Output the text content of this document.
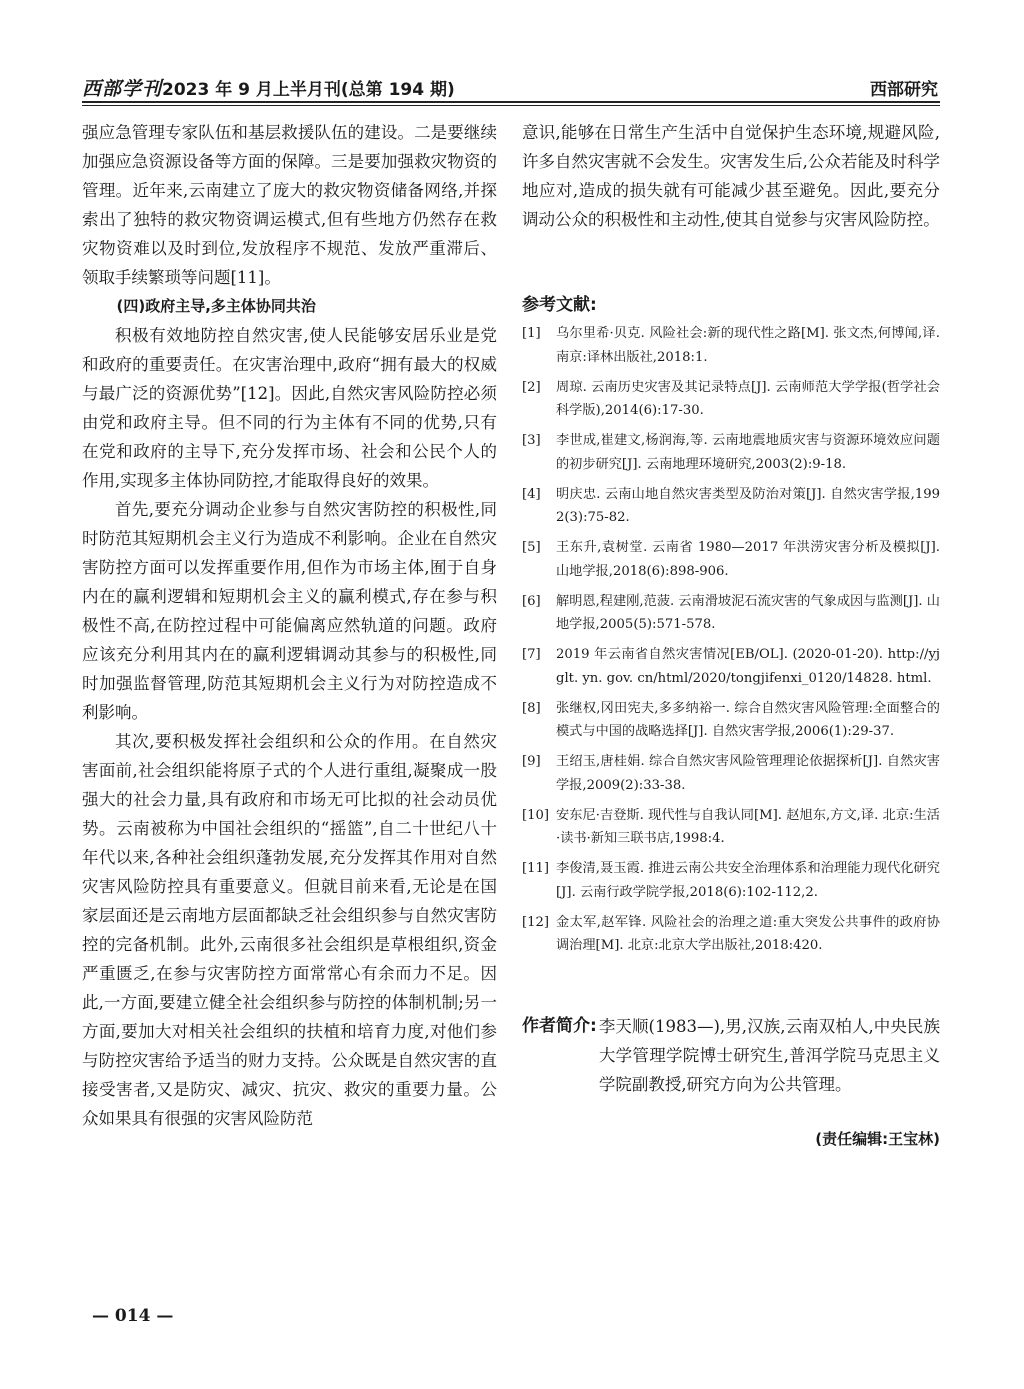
西部学刊 2023 年 9 月上半月刊(总第 194 期)	西部研究

强应急管理专家队伍和基层救援队伍的建设。二是要继续加强应急资源设备等方面的保障。三是要加强救灾物资的管理。近年来,云南建立了庞大的救灾物资储备网络,并探索出了独特的救灾物资调运模式,但有些地方仍然存在救灾物资难以及时到位,发放程序不规范、发放严重滞后、领取手续繁琐等问题[11]。

(四)政府主导,多主体协同共治

积极有效地防控自然灾害,使人民能够安居乐业是党和政府的重要责任。在灾害治理中,政府“拥有最大的权威与最广泛的资源优势”[12]。因此,自然灾害风险防控必须由党和政府主导。但不同的行为主体有不同的优势,只有在党和政府的主导下,充分发挥市场、社会和公民个人的作用,实现多主体协同防控,才能取得良好的效果。

首先,要充分调动企业参与自然灾害防控的积极性,同时防范其短期机会主义行为造成不利影响。企业在自然灾害防控方面可以发挥重要作用,但作为市场主体,囿于自身内在的赢利逻辑和短期机会主义的赢利模式,存在参与积极性不高,在防控过程中可能偏离应然轨道的问题。政府应该充分利用其内在的赢利逻辑调动其参与的积极性,同时加强监督管理,防范其短期机会主义行为对防控造成不利影响。

其次,要积极发挥社会组织和公众的作用。在自然灾害面前,社会组织能将原子式的个人进行重组,凝聚成一股强大的社会力量,具有政府和市场无可比拟的社会动员优势。云南被称为中国社会组织的“摇篮”,自二十世纪八十年代以来,各种社会组织蓬勃发展,充分发挥其作用对自然灾害风险防控具有重要意义。但就目前来看,无论是在国家层面还是云南地方层面都缺乏社会组织参与自然灾害防控的完备机制。此外,云南很多社会组织是草根组织,资金严重匮乏,在参与灾害防控方面常常心有余而力不足。因此,一方面,要建立健全社会组织参与防控的体制机制;另一方面,要加大对相关社会组织的扶植和培育力度,对他们参与防控灾害给予适当的财力支持。公众既是自然灾害的直接受害者,又是防灾、减灾、抗灾、救灾的重要力量。公众如果具有很强的灾害风险防范

意识,能够在日常生产生活中自觉保护生态环境,规避风险,许多自然灾害就不会发生。灾害发生后,公众若能及时科学地应对,造成的损失就有可能减少甚至避免。因此,要充分调动公众的积极性和主动性,使其自觉参与灾害风险防控。

参考文献:
[1]	乌尔里希·贝克. 风险社会:新的现代性之路[M]. 张文杰,何博闻,译. 南京:译林出版社,2018:1.
[2]	周琼. 云南历史灾害及其记录特点[J]. 云南师范大学学报(哲学社会科学版),2014(6):17-30.
[3]	李世成,崔建文,杨润海,等. 云南地震地质灾害与资源环境效应问题的初步研究[J]. 云南地理环境研究,2003(2):9-18.
[4]	明庆忠. 云南山地自然灾害类型及防治对策[J]. 自然灾害学报,1992(3):75-82.
[5]	王东升,袁树堂. 云南省 1980—2017 年洪涝灾害分析及模拟[J]. 山地学报,2018(6):898-906.
[6]	解明恩,程建刚,范菠. 云南滑坡泥石流灾害的气象成因与监测[J]. 山地学报,2005(5):571-578.
[7]	2019 年云南省自然灾害情况[EB/OL]. (2020-01-20). http://yjglt. yn. gov. cn/html/2020/tongjifenxi_0120/14828. html.
[8]	张继权,冈田宪夫,多多纳裕一. 综合自然灾害风险管理:全面整合的模式与中国的战略选择[J]. 自然灾害学报,2006(1):29-37.
[9]	王绍玉,唐桂娟. 综合自然灾害风险管理理论依据探析[J]. 自然灾害学报,2009(2):33-38.
[10] 安东尼·吉登斯. 现代性与自我认同[M]. 赵旭东,方文,译. 北京:生活·读书·新知三联书店,1998:4.
[11] 李俊清,聂玉霞. 推进云南公共安全治理体系和治理能力现代化研究[J]. 云南行政学院学报,2018(6):102-112,2.
[12] 金太军,赵军锋. 风险社会的治理之道:重大突发公共事件的政府协调治理[M]. 北京:北京大学出版社,2018:420.
作者简介: 李天顺(1983—),男,汉族,云南双柏人,中央民族大学管理学院博士研究生,普洱学院马克思主义学院副教授,研究方向为公共管理。
(责任编辑:王宝林)
— 014 —
